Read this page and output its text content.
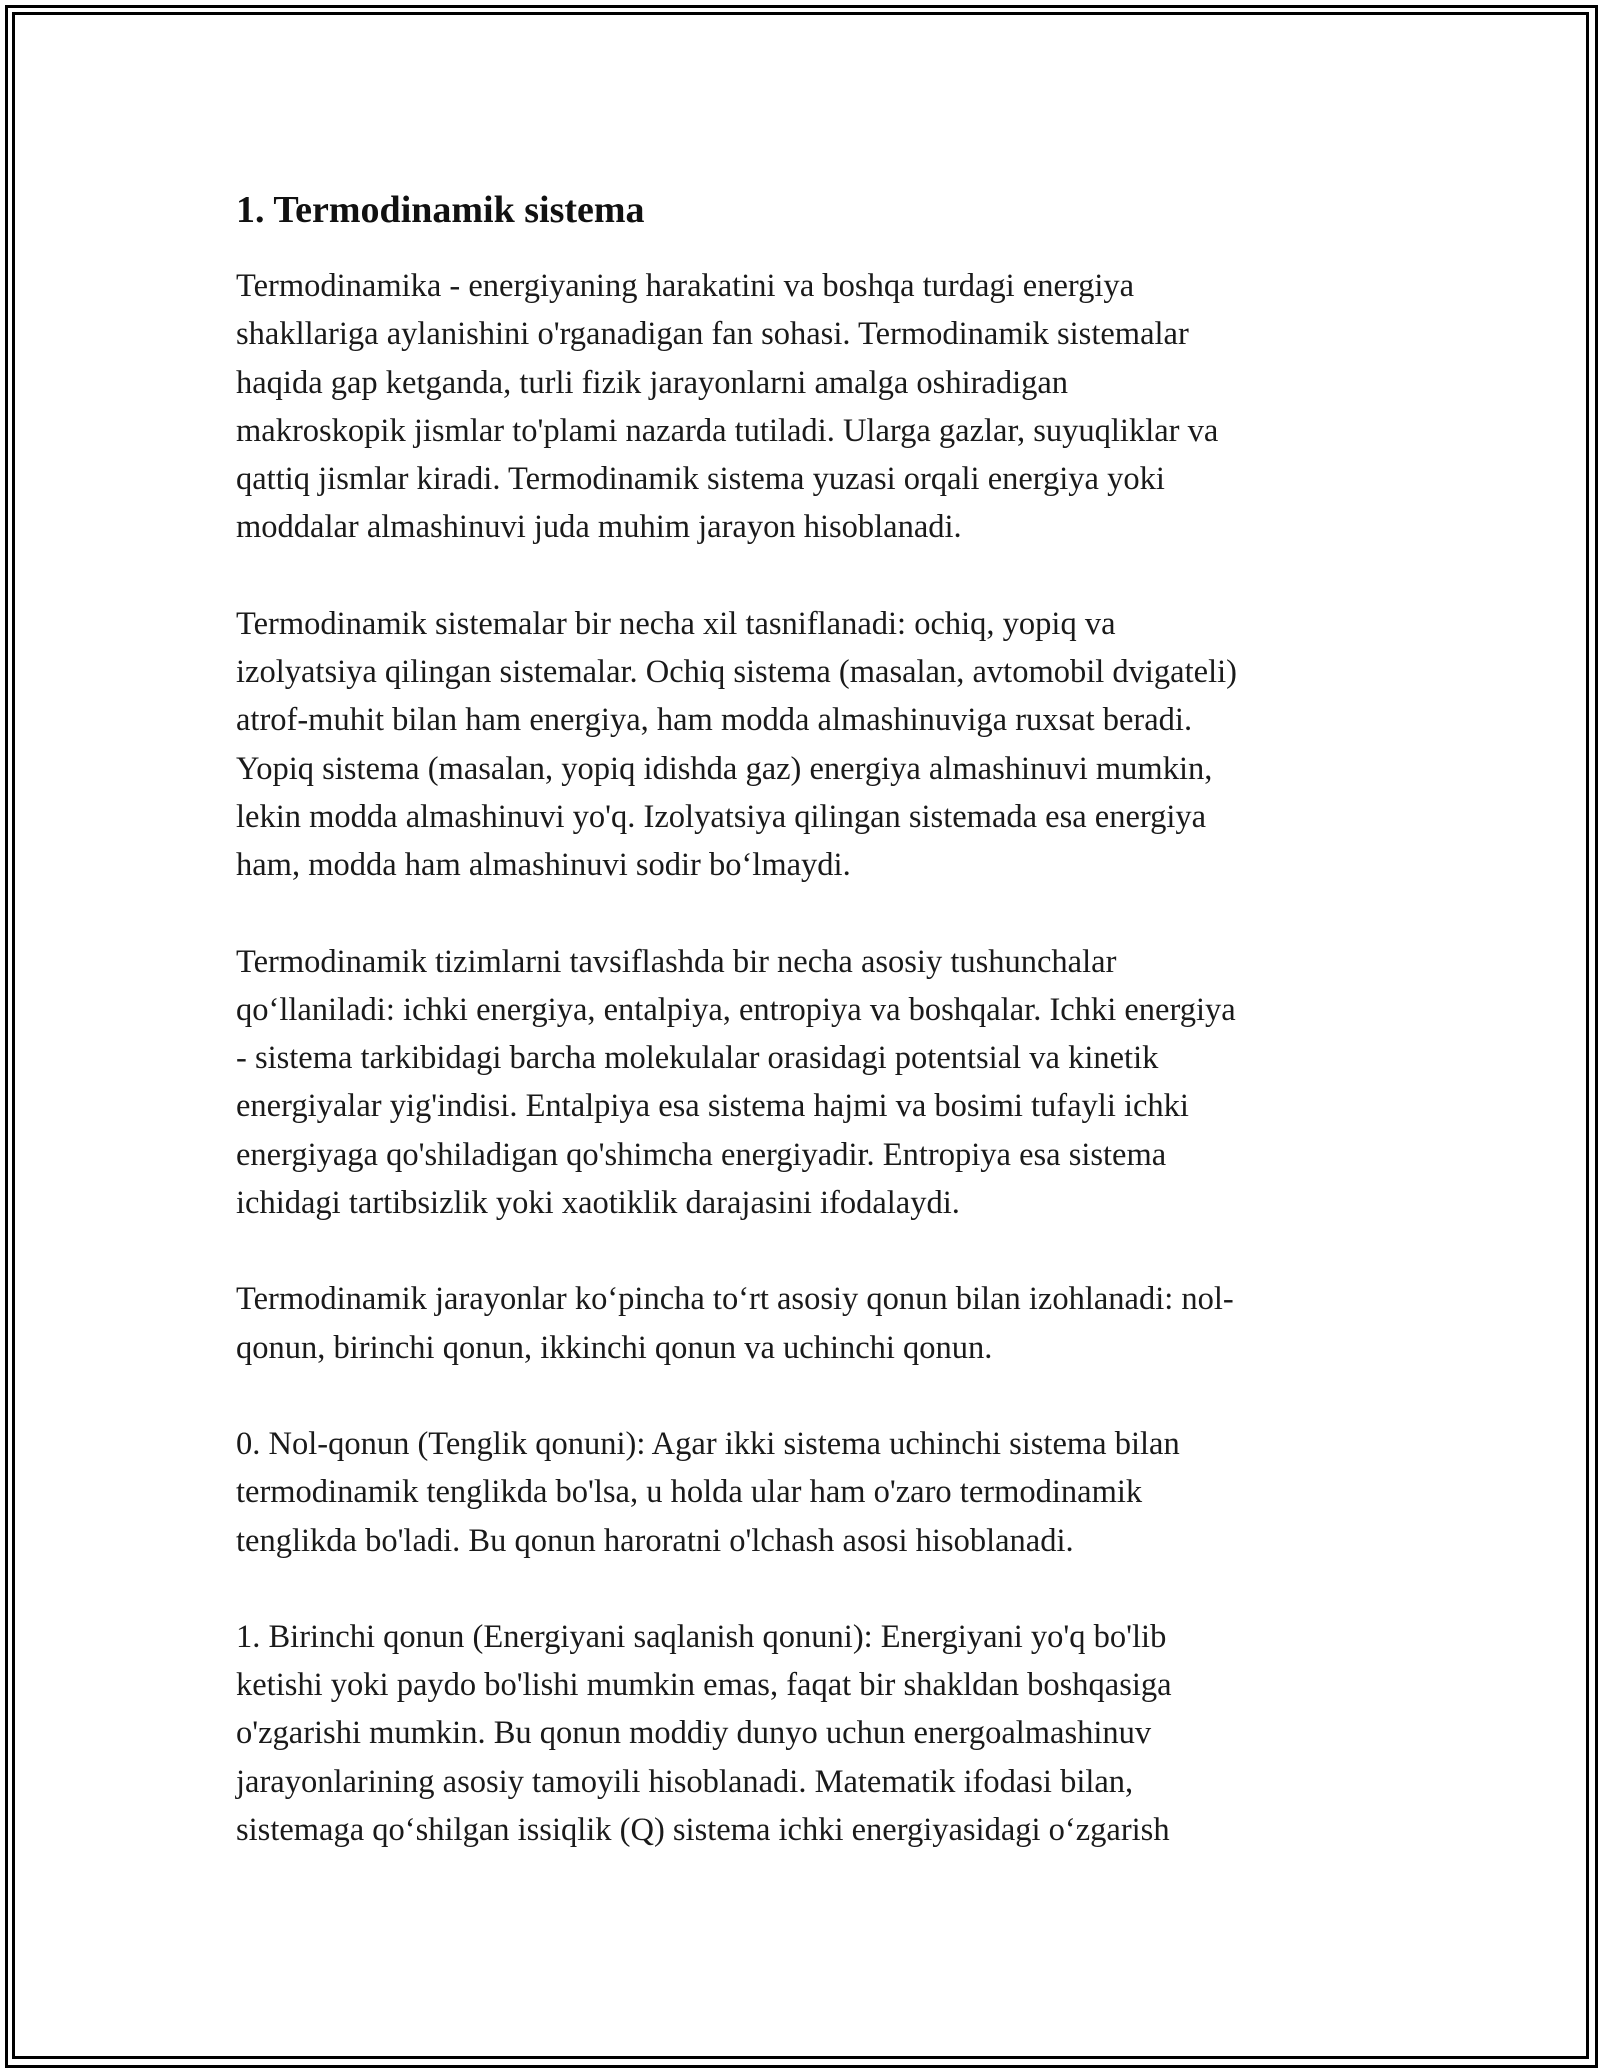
1. Termodinamik sistema
Termodinamika - energiyaning harakatini va boshqa turdagi energiya
shakllariga aylanishini o'rganadigan fan sohasi. Termodinamik sistemalar
haqida gap ketganda, turli fizik jarayonlarni amalga oshiradigan
makroskopik jismlar to'plami nazarda tutiladi. Ularga gazlar, suyuqliklar va
qattiq jismlar kiradi. Termodinamik sistema yuzasi orqali energiya yoki
moddalar almashinuvi juda muhim jarayon hisoblanadi.
Termodinamik sistemalar bir necha xil tasniflanadi: ochiq, yopiq va
izolyatsiya qilingan sistemalar. Ochiq sistema (masalan, avtomobil dvigateli)
atrof-muhit bilan ham energiya, ham modda almashinuviga ruxsat beradi.
Yopiq sistema (masalan, yopiq idishda gaz) energiya almashinuvi mumkin,
lekin modda almashinuvi yo'q. Izolyatsiya qilingan sistemada esa energiya
ham, modda ham almashinuvi sodir bo‘lmaydi.
Termodinamik tizimlarni tavsiflashda bir necha asosiy tushunchalar
qo‘llaniladi: ichki energiya, entalpiya, entropiya va boshqalar. Ichki energiya
- sistema tarkibidagi barcha molekulalar orasidagi potentsial va kinetik
energiyalar yig'indisi. Entalpiya esa sistema hajmi va bosimi tufayli ichki
energiyaga qo'shiladigan qo'shimcha energiyadir. Entropiya esa sistema
ichidagi tartibsizlik yoki xaotiklik darajasini ifodalaydi.
Termodinamik jarayonlar ko‘pincha to‘rt asosiy qonun bilan izohlanadi: nol-
qonun, birinchi qonun, ikkinchi qonun va uchinchi qonun.
0. Nol-qonun (Tenglik qonuni): Agar ikki sistema uchinchi sistema bilan
termodinamik tenglikda bo'lsa, u holda ular ham o'zaro termodinamik
tenglikda bo'ladi. Bu qonun haroratni o'lchash asosi hisoblanadi.
1. Birinchi qonun (Energiyani saqlanish qonuni): Energiyani yo'q bo'lib
ketishi yoki paydo bo'lishi mumkin emas, faqat bir shakldan boshqasiga
o'zgarishi mumkin. Bu qonun moddiy dunyo uchun energoalmashinuv
jarayonlarining asosiy tamoyili hisoblanadi. Matematik ifodasi bilan,
sistemaga qo‘shilgan issiqlik (Q) sistema ichki energiyasidagi o‘zgarish
